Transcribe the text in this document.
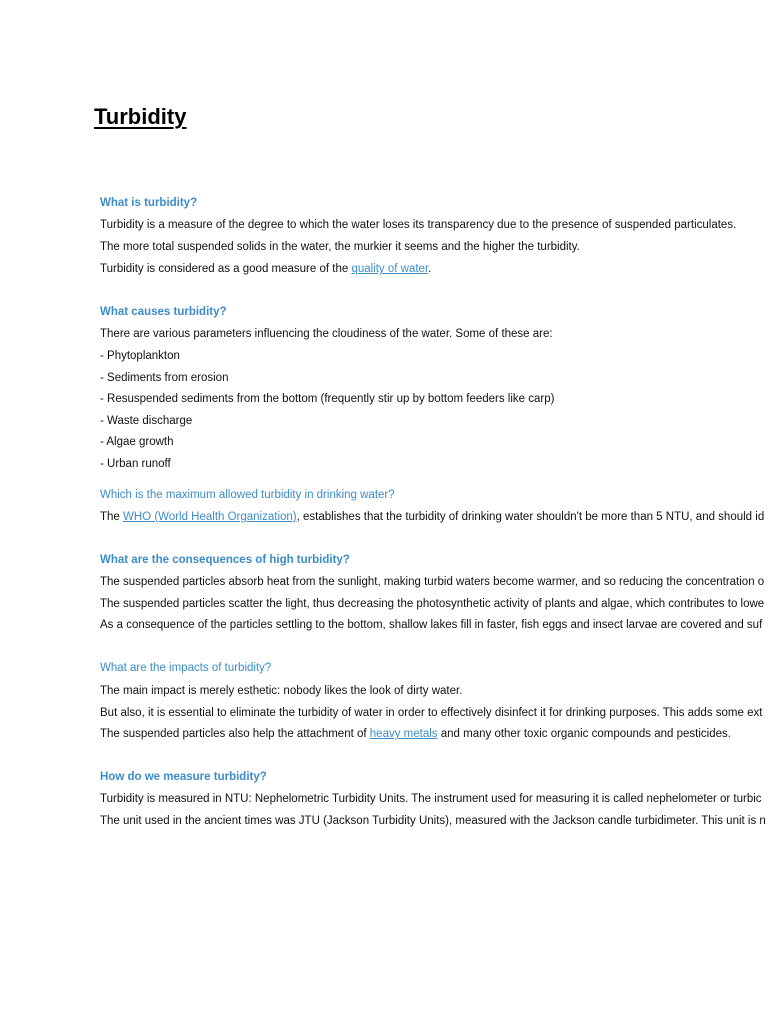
Turbidity
What is turbidity?
Turbidity is a measure of the degree to which the water loses its transparency due to the presence of suspended particulates.
The more total suspended solids in the water, the murkier it seems and the higher the turbidity.
Turbidity is considered as a good measure of the quality of water.
What causes turbidity?
There are various parameters influencing the cloudiness of the water. Some of these are:
- Phytoplankton
- Sediments from erosion
- Resuspended sediments from the bottom (frequently stir up by bottom feeders like carp)
- Waste discharge
- Algae growth
- Urban runoff
Which is the maximum allowed turbidity in drinking water?
The WHO (World Health Organization), establishes that the turbidity of drinking water shouldn't be more than 5 NTU, and should id
What are the consequences of high turbidity?
The suspended particles absorb heat from the sunlight, making turbid waters become warmer, and so reducing the concentration o
The suspended particles scatter the light, thus decreasing the photosynthetic activity of plants and algae, which contributes to lowe
As a consequence of the particles settling to the bottom, shallow lakes fill in faster, fish eggs and insect larvae are covered and suf
What are the impacts of turbidity?
The main impact is merely esthetic: nobody likes the look of dirty water.
But also, it is essential to eliminate the turbidity of water in order to effectively disinfect it for drinking purposes. This adds some ext
The suspended particles also help the attachment of heavy metals and many other toxic organic compounds and pesticides.
How do we measure turbidity?
Turbidity is measured in NTU: Nephelometric Turbidity Units. The instrument used for measuring it is called nephelometer or turbic
The unit used in the ancient times was JTU (Jackson Turbidity Units), measured with the Jackson candle turbidimeter. This unit is n
